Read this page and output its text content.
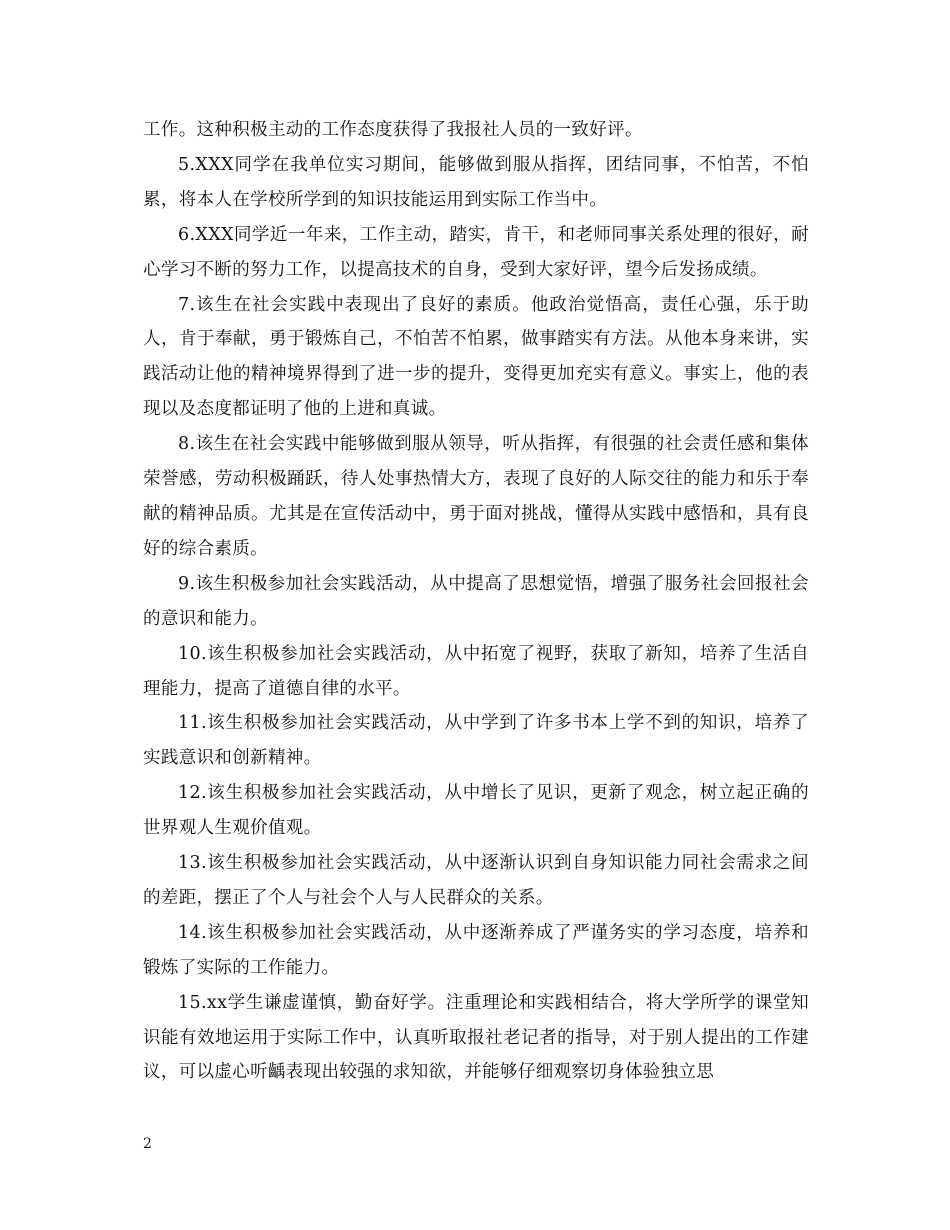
工作。这种积极主动的工作态度获得了我报社人员的一致好评。

5.XXX同学在我单位实习期间，能够做到服从指挥，团结同事，不怕苦，不怕累，将本人在学校所学到的知识技能运用到实际工作当中。

6.XXX同学近一年来，工作主动，踏实，肯干，和老师同事关系处理的很好，耐心学习不断的努力工作，以提高技术的自身，受到大家好评，望今后发扬成绩。

7.该生在社会实践中表现出了良好的素质。他政治觉悟高，责任心强，乐于助人，肯于奉献，勇于锻炼自己，不怕苦不怕累，做事踏实有方法。从他本身来讲，实践活动让他的精神境界得到了进一步的提升，变得更加充实有意义。事实上，他的表现以及态度都证明了他的上进和真诚。

8.该生在社会实践中能够做到服从领导，听从指挥，有很强的社会责任感和集体荣誉感，劳动积极踊跃，待人处事热情大方，表现了良好的人际交往的能力和乐于奉献的精神品质。尤其是在宣传活动中，勇于面对挑战，懂得从实践中感悟和，具有良好的综合素质。

9.该生积极参加社会实践活动，从中提高了思想觉悟，增强了服务社会回报社会的意识和能力。

10.该生积极参加社会实践活动，从中拓宽了视野，获取了新知，培养了生活自理能力，提高了道德自律的水平。

11.该生积极参加社会实践活动，从中学到了许多书本上学不到的知识，培养了实践意识和创新精神。

12.该生积极参加社会实践活动，从中增长了见识，更新了观念，树立起正确的世界观人生观价值观。

13.该生积极参加社会实践活动，从中逐渐认识到自身知识能力同社会需求之间的差距，摆正了个人与社会个人与人民群众的关系。

14.该生积极参加社会实践活动，从中逐渐养成了严谨务实的学习态度，培养和锻炼了实际的工作能力。

15.xx学生谦虚谨慎，勤奋好学。注重理论和实践相结合，将大学所学的课堂知识能有效地运用于实际工作中，认真听取报社老记者的指导，对于别人提出的工作建议，可以虚心听齲表现出较强的求知欲，并能够仔细观察切身体验独立思

2
